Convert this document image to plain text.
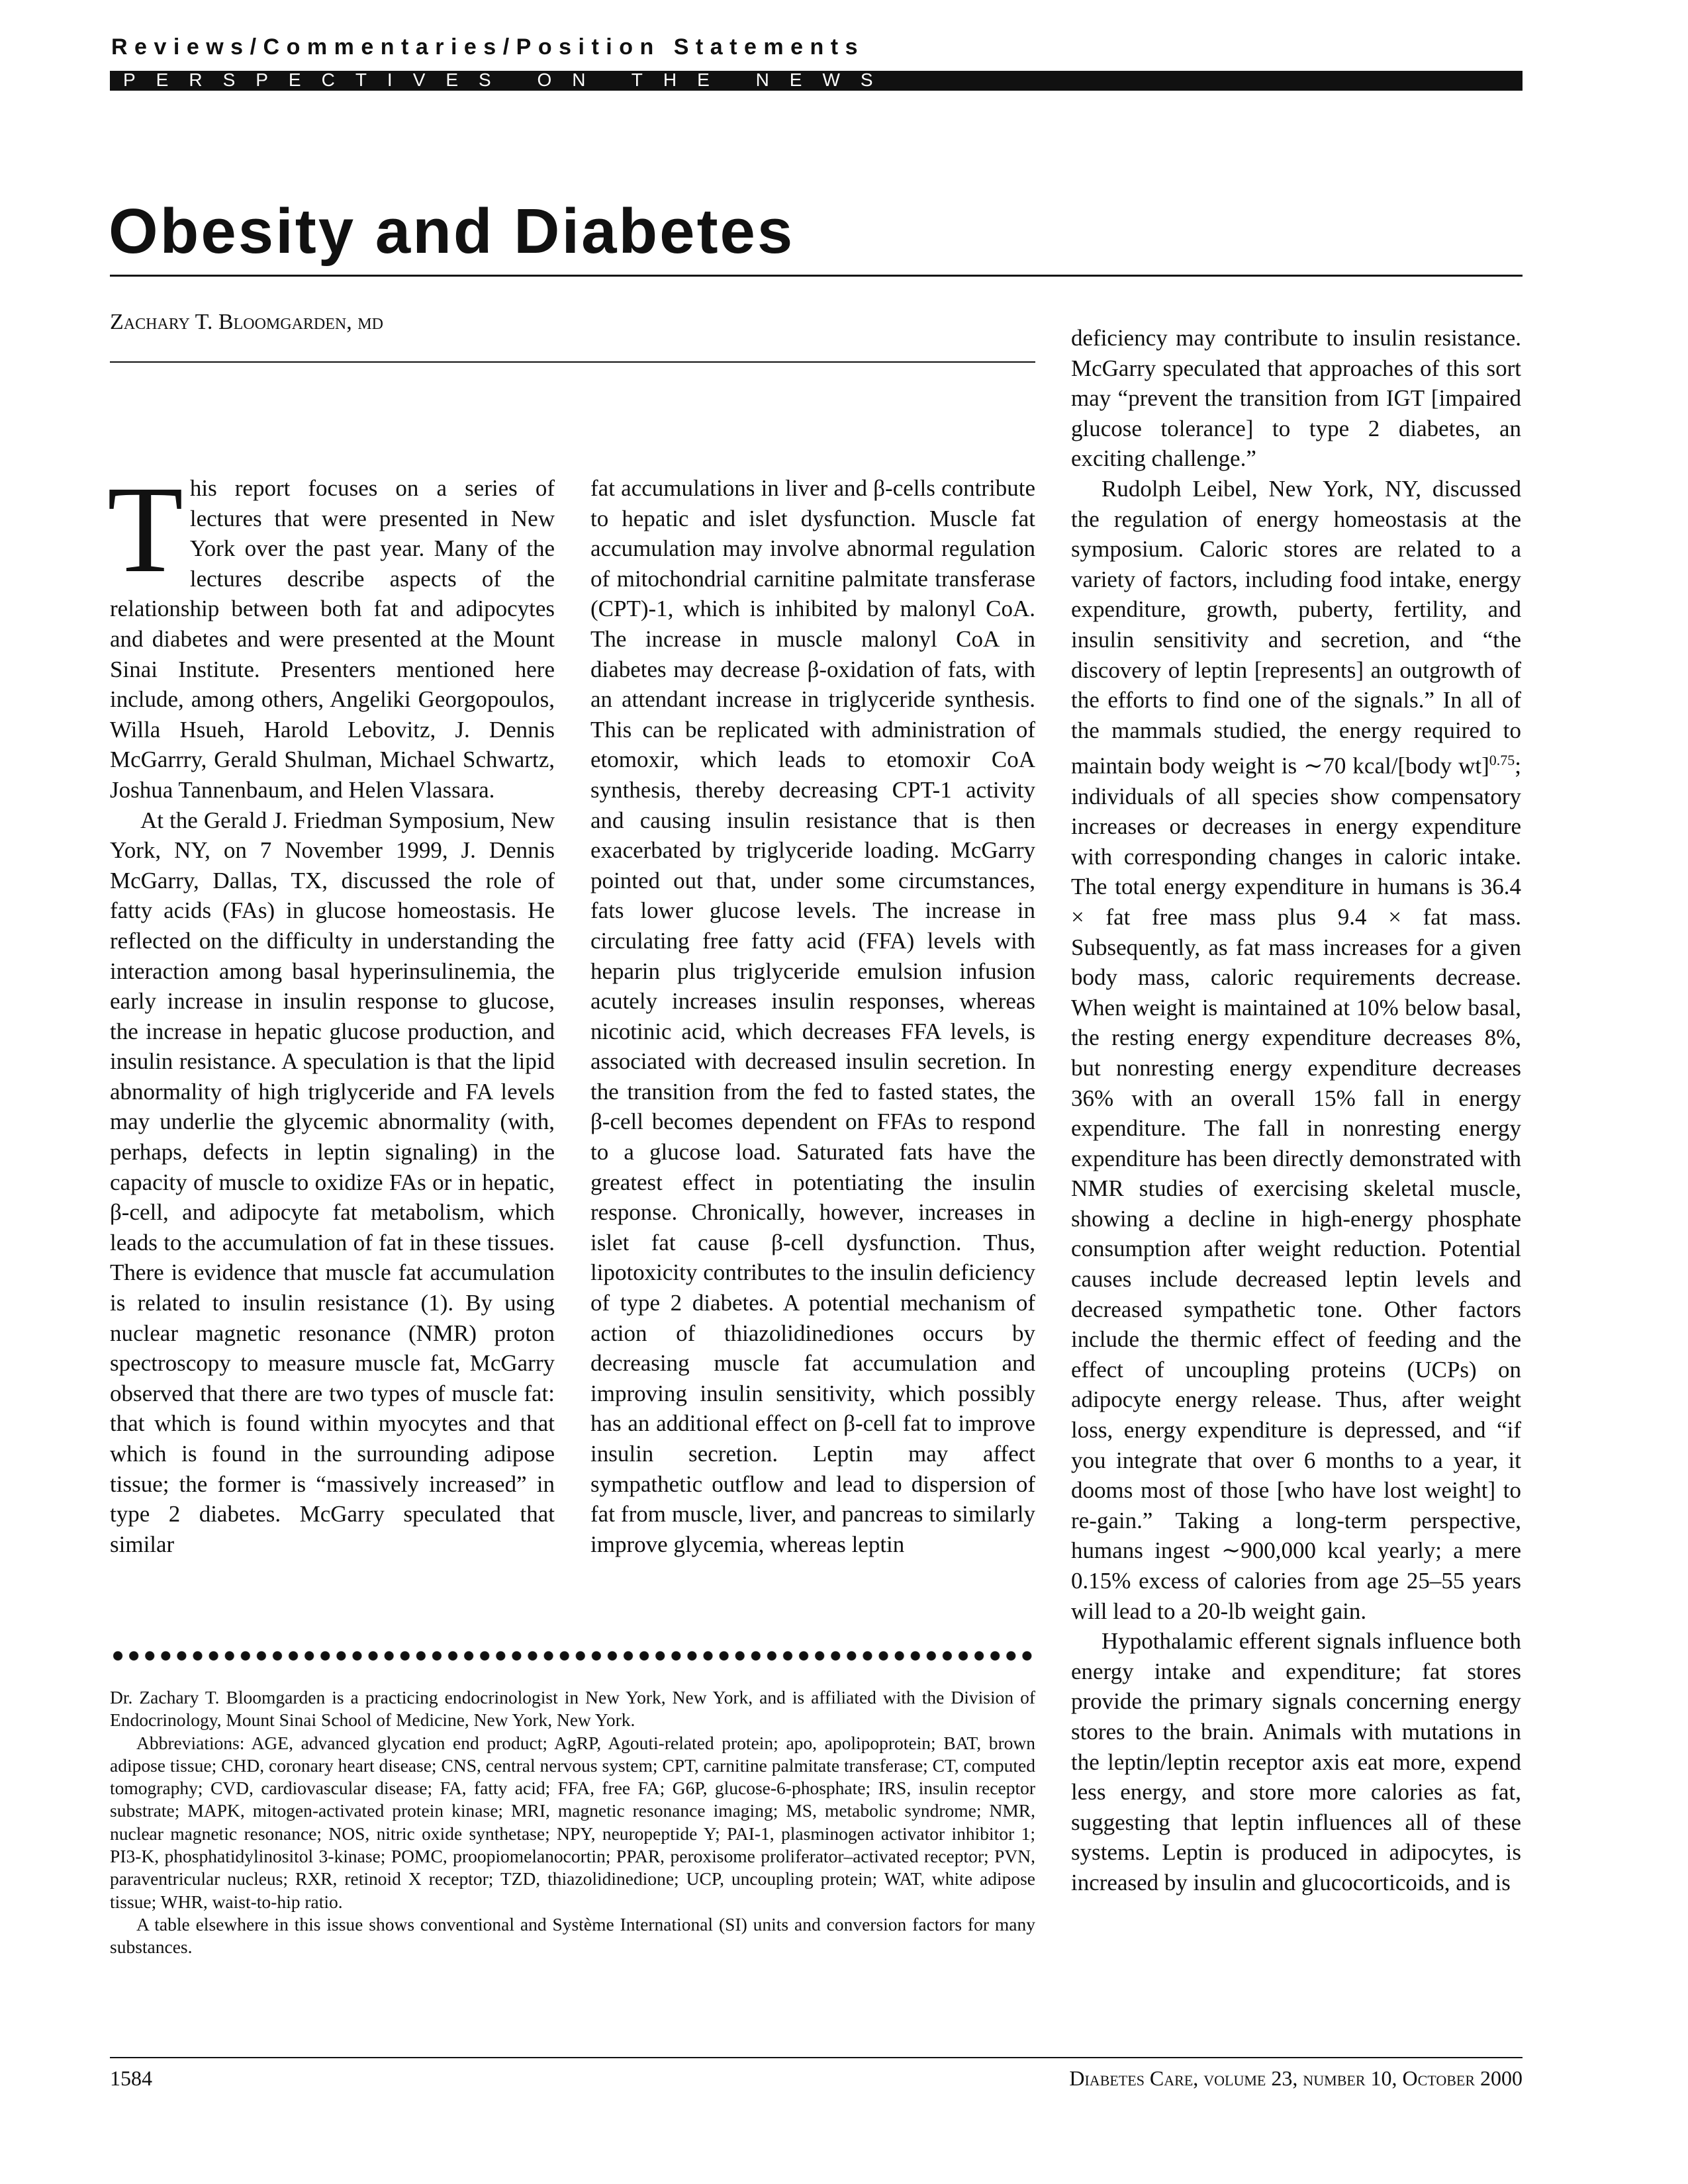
Reviews/Commentaries/Position Statements
PERSPECTIVES ON THE NEWS
Obesity and Diabetes
Zachary T. Bloomgarden, md

This report focuses on a series of lectures that were presented in New York over the past year. Many of the lectures describe aspects of the relationship between both fat and adipocytes and diabetes and were presented at the Mount Sinai Institute. Presenters mentioned here include, among others, Angeliki Georgopoulos, Willa Hsueh, Harold Lebovitz, J. Dennis McGarrry, Gerald Shulman, Michael Schwartz, Joshua Tannenbaum, and Helen Vlassara.

At the Gerald J. Friedman Symposium, New York, NY, on 7 November 1999, J. Dennis McGarry, Dallas, TX, discussed the role of fatty acids (FAs) in glucose homeostasis. He reflected on the difficulty in understanding the interaction among basal hyperinsulinemia, the early increase in insulin response to glucose, the increase in hepatic glucose production, and insulin resistance. A speculation is that the lipid abnormality of high triglyceride and FA levels may underlie the glycemic abnormality (with, perhaps, defects in leptin signaling) in the capacity of muscle to oxidize FAs or in hepatic, β-cell, and adipocyte fat metabolism, which leads to the accumulation of fat in these tissues. There is evidence that muscle fat accumulation is related to insulin resistance (1). By using nuclear magnetic resonance (NMR) proton spectroscopy to measure muscle fat, McGarry observed that there are two types of muscle fat: that which is found within myocytes and that which is found in the surrounding adipose tissue; the former is “massively increased” in type 2 diabetes. McGarry speculated that similar

fat accumulations in liver and β-cells contribute to hepatic and islet dysfunction. Muscle fat accumulation may involve abnormal regulation of mitochondrial carnitine palmitate transferase (CPT)-1, which is inhibited by malonyl CoA. The increase in muscle malonyl CoA in diabetes may decrease β-oxidation of fats, with an attendant increase in triglyceride synthesis. This can be replicated with administration of etomoxir, which leads to etomoxir CoA synthesis, thereby decreasing CPT-1 activity and causing insulin resistance that is then exacerbated by triglyceride loading. McGarry pointed out that, under some circumstances, fats lower glucose levels. The increase in circulating free fatty acid (FFA) levels with heparin plus triglyceride emulsion infusion acutely increases insulin responses, whereas nicotinic acid, which decreases FFA levels, is associated with decreased insulin secretion. In the transition from the fed to fasted states, the β-cell becomes dependent on FFAs to respond to a glucose load. Saturated fats have the greatest effect in potentiating the insulin response. Chronically, however, increases in islet fat cause β-cell dysfunction. Thus, lipotoxicity contributes to the insulin deficiency of type 2 diabetes. A potential mechanism of action of thiazolidinediones occurs by decreasing muscle fat accumulation and improving insulin sensitivity, which possibly has an additional effect on β-cell fat to improve insulin secretion. Leptin may affect sympathetic outflow and lead to dispersion of fat from muscle, liver, and pancreas to similarly improve glycemia, whereas leptin

deficiency may contribute to insulin resistance. McGarry speculated that approaches of this sort may “prevent the transition from IGT [impaired glucose tolerance] to type 2 diabetes, an exciting challenge.”

Rudolph Leibel, New York, NY, discussed the regulation of energy homeostasis at the symposium. Caloric stores are related to a variety of factors, including food intake, energy expenditure, growth, puberty, fertility, and insulin sensitivity and secretion, and “the discovery of leptin [represents] an outgrowth of the efforts to find one of the signals.” In all of the mammals studied, the energy required to maintain body weight is ∼70 kcal/[body wt]$^{0.75}$; individuals of all species show compensatory increases or decreases in energy expenditure with corresponding changes in caloric intake. The total energy expenditure in humans is 36.4 × fat free mass plus 9.4 × fat mass. Subsequently, as fat mass increases for a given body mass, caloric requirements decrease. When weight is maintained at 10% below basal, the resting energy expenditure decreases 8%, but nonresting energy expenditure decreases 36% with an overall 15% fall in energy expenditure. The fall in nonresting energy expenditure has been directly demonstrated with NMR studies of exercising skeletal muscle, showing a decline in high-energy phosphate consumption after weight reduction. Potential causes include decreased leptin levels and decreased sympathetic tone. Other factors include the thermic effect of feeding and the effect of uncoupling proteins (UCPs) on adipocyte energy release. Thus, after weight loss, energy expenditure is depressed, and “if you integrate that over 6 months to a year, it dooms most of those [who have lost weight] to re-gain.” Taking a long-term perspective, humans ingest ∼900,000 kcal yearly; a mere 0.15% excess of calories from age 25–55 years will lead to a 20-lb weight gain.

Hypothalamic efferent signals influence both energy intake and expenditure; fat stores provide the primary signals concerning energy stores to the brain. Animals with mutations in the leptin/leptin receptor axis eat more, expend less energy, and store more calories as fat, suggesting that leptin influences all of these systems. Leptin is produced in adipocytes, is increased by insulin and glucocorticoids, and is

Dr. Zachary T. Bloomgarden is a practicing endocrinologist in New York, New York, and is affiliated with the Division of Endocrinology, Mount Sinai School of Medicine, New York, New York.

Abbreviations: AGE, advanced glycation end product; AgRP, Agouti-related protein; apo, apolipoprotein; BAT, brown adipose tissue; CHD, coronary heart disease; CNS, central nervous system; CPT, carnitine palmitate transferase; CT, computed tomography; CVD, cardiovascular disease; FA, fatty acid; FFA, free FA; G6P, glucose-6-phosphate; IRS, insulin receptor substrate; MAPK, mitogen-activated protein kinase; MRI, magnetic resonance imaging; MS, metabolic syndrome; NMR, nuclear magnetic resonance; NOS, nitric oxide synthetase; NPY, neuropeptide Y; PAI-1, plasminogen activator inhibitor 1; PI3-K, phosphatidylinositol 3-kinase; POMC, proopiomelanocortin; PPAR, peroxisome proliferator–activated receptor; PVN, paraventricular nucleus; RXR, retinoid X receptor; TZD, thiazolidinedione; UCP, uncoupling protein; WAT, white adipose tissue; WHR, waist-to-hip ratio.

A table elsewhere in this issue shows conventional and Système International (SI) units and conversion factors for many substances.

1584	Diabetes Care, volume 23, number 10, October 2000
